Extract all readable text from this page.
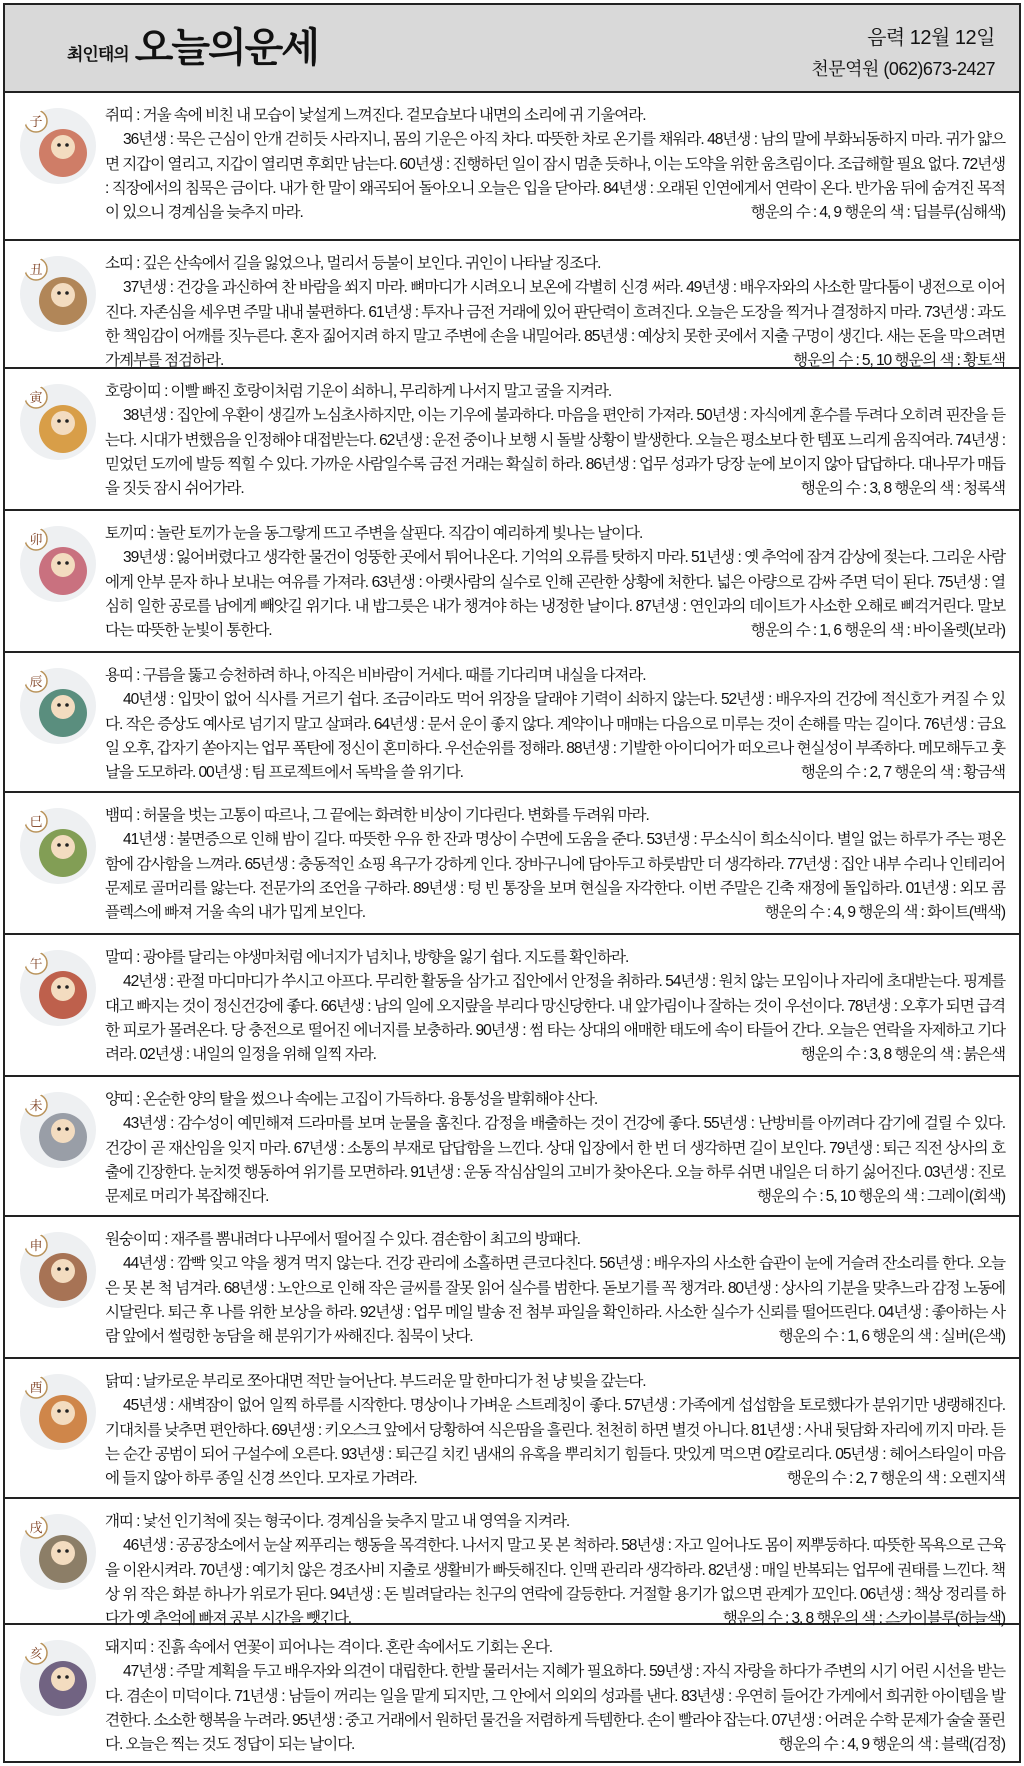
최인태의 오늘의운세	음력 12월 12일
천문역원 (062)673-2427
子	쥐띠 : 거울 속에 비친 내 모습이 낯설게 느껴진다. 겉모습보다 내면의 소리에 귀 기울여라.
36년생 : 묵은 근심이 안개 걷히듯 사라지니, 몸의 기운은 아직 차다. 따뜻한 차로 온기를 채워라. 48년생 : 남의 말에 부화뇌동하지 마라. 귀가 얇으면 지갑이 열리고, 지갑이 열리면 후회만 남는다. 60년생 : 진행하던 일이 잠시 멈춘 듯하나, 이는 도약을 위한 움츠림이다. 조급해할 필요 없다. 72년생 : 직장에서의 침묵은 금이다. 내가 한 말이 왜곡되어 돌아오니 오늘은 입을 닫아라. 84년생 : 오래된 인연에게서 연락이 온다. 반가움 뒤에 숨겨진 목적이 있으니 경계심을 늦추지 마라.	행운의 수 : 4, 9 행운의 색 : 딥블루(심해색)
丑	소띠 : 깊은 산속에서 길을 잃었으나, 멀리서 등불이 보인다. 귀인이 나타날 징조다.
37년생 : 건강을 과신하여 찬 바람을 쐬지 마라. 뼈마디가 시려오니 보온에 각별히 신경 써라. 49년생 : 배우자와의 사소한 말다툼이 냉전으로 이어진다. 자존심을 세우면 주말 내내 불편하다. 61년생 : 투자나 금전 거래에 있어 판단력이 흐려진다. 오늘은 도장을 찍거나 결정하지 마라. 73년생 : 과도한 책임감이 어깨를 짓누른다. 혼자 짊어지려 하지 말고 주변에 손을 내밀어라. 85년생 : 예상치 못한 곳에서 지출 구멍이 생긴다. 새는 돈을 막으려면 가계부를 점검하라.	행운의 수 : 5, 10 행운의 색 : 황토색
寅	호랑이띠 : 이빨 빠진 호랑이처럼 기운이 쇠하니, 무리하게 나서지 말고 굴을 지켜라.
38년생 : 집안에 우환이 생길까 노심초사하지만, 이는 기우에 불과하다. 마음을 편안히 가져라. 50년생 : 자식에게 훈수를 두려다 오히려 핀잔을 듣는다. 시대가 변했음을 인정해야 대접받는다. 62년생 : 운전 중이나 보행 시 돌발 상황이 발생한다. 오늘은 평소보다 한 템포 느리게 움직여라. 74년생 : 믿었던 도끼에 발등 찍힐 수 있다. 가까운 사람일수록 금전 거래는 확실히 하라. 86년생 : 업무 성과가 당장 눈에 보이지 않아 답답하다. 대나무가 매듭을 짓듯 잠시 쉬어가라.	행운의 수 : 3, 8 행운의 색 : 청록색
卯	토끼띠 : 놀란 토끼가 눈을 동그랗게 뜨고 주변을 살핀다. 직감이 예리하게 빛나는 날이다.
39년생 : 잃어버렸다고 생각한 물건이 엉뚱한 곳에서 튀어나온다. 기억의 오류를 탓하지 마라. 51년생 : 옛 추억에 잠겨 감상에 젖는다. 그리운 사람에게 안부 문자 하나 보내는 여유를 가져라. 63년생 : 아랫사람의 실수로 인해 곤란한 상황에 처한다. 넓은 아량으로 감싸 주면 덕이 된다. 75년생 : 열심히 일한 공로를 남에게 빼앗길 위기다. 내 밥그릇은 내가 챙겨야 하는 냉정한 날이다. 87년생 : 연인과의 데이트가 사소한 오해로 삐걱거린다. 말보다는 따뜻한 눈빛이 통한다.	행운의 수 : 1, 6 행운의 색 : 바이올렛(보라)
辰	용띠 : 구름을 뚫고 승천하려 하나, 아직은 비바람이 거세다. 때를 기다리며 내실을 다져라.
40년생 : 입맛이 없어 식사를 거르기 쉽다. 조금이라도 먹어 위장을 달래야 기력이 쇠하지 않는다. 52년생 : 배우자의 건강에 적신호가 켜질 수 있다. 작은 증상도 예사로 넘기지 말고 살펴라. 64년생 : 문서 운이 좋지 않다. 계약이나 매매는 다음으로 미루는 것이 손해를 막는 길이다. 76년생 : 금요일 오후, 갑자기 쏟아지는 업무 폭탄에 정신이 혼미하다. 우선순위를 정해라. 88년생 : 기발한 아이디어가 떠오르나 현실성이 부족하다. 메모해두고 훗날을 도모하라. 00년생 : 팀 프로젝트에서 독박을 쓸 위기다.	행운의 수 : 2, 7 행운의 색 : 황금색
巳	뱀띠 : 허물을 벗는 고통이 따르나, 그 끝에는 화려한 비상이 기다린다. 변화를 두려워 마라.
41년생 : 불면증으로 인해 밤이 길다. 따뜻한 우유 한 잔과 명상이 수면에 도움을 준다. 53년생 : 무소식이 희소식이다. 별일 없는 하루가 주는 평온함에 감사함을 느껴라. 65년생 : 충동적인 쇼핑 욕구가 강하게 인다. 장바구니에 담아두고 하룻밤만 더 생각하라. 77년생 : 집안 내부 수리나 인테리어 문제로 골머리를 앓는다. 전문가의 조언을 구하라. 89년생 : 텅 빈 통장을 보며 현실을 자각한다. 이번 주말은 긴축 재정에 돌입하라. 01년생 : 외모 콤플렉스에 빠져 거울 속의 내가 밉게 보인다.	행운의 수 : 4, 9 행운의 색 : 화이트(백색)
午	말띠 : 광야를 달리는 야생마처럼 에너지가 넘치나, 방향을 잃기 쉽다. 지도를 확인하라.
42년생 : 관절 마디마디가 쑤시고 아프다. 무리한 활동을 삼가고 집안에서 안정을 취하라. 54년생 : 원치 않는 모임이나 자리에 초대받는다. 핑계를 대고 빠지는 것이 정신건강에 좋다. 66년생 : 남의 일에 오지랖을 부리다 망신당한다. 내 앞가림이나 잘하는 것이 우선이다. 78년생 : 오후가 되면 급격한 피로가 몰려온다. 당 충전으로 떨어진 에너지를 보충하라. 90년생 : 썸 타는 상대의 애매한 태도에 속이 타들어 간다. 오늘은 연락을 자제하고 기다려라. 02년생 : 내일의 일정을 위해 일찍 자라.	행운의 수 : 3, 8 행운의 색 : 붉은색
未	양띠 : 온순한 양의 탈을 썼으나 속에는 고집이 가득하다. 융통성을 발휘해야 산다.
43년생 : 감수성이 예민해져 드라마를 보며 눈물을 훔친다. 감정을 배출하는 것이 건강에 좋다. 55년생 : 난방비를 아끼려다 감기에 걸릴 수 있다. 건강이 곧 재산임을 잊지 마라. 67년생 : 소통의 부재로 답답함을 느낀다. 상대 입장에서 한 번 더 생각하면 길이 보인다. 79년생 : 퇴근 직전 상사의 호출에 긴장한다. 눈치껏 행동하여 위기를 모면하라. 91년생 : 운동 작심삼일의 고비가 찾아온다. 오늘 하루 쉬면 내일은 더 하기 싫어진다. 03년생 : 진로 문제로 머리가 복잡해진다.	행운의 수 : 5, 10 행운의 색 : 그레이(회색)
申	원숭이띠 : 재주를 뽐내려다 나무에서 떨어질 수 있다. 겸손함이 최고의 방패다.
44년생 : 깜빡 잊고 약을 챙겨 먹지 않는다. 건강 관리에 소홀하면 큰코다친다. 56년생 : 배우자의 사소한 습관이 눈에 거슬려 잔소리를 한다. 오늘은 못 본 척 넘겨라. 68년생 : 노안으로 인해 작은 글씨를 잘못 읽어 실수를 범한다. 돋보기를 꼭 챙겨라. 80년생 : 상사의 기분을 맞추느라 감정 노동에 시달린다. 퇴근 후 나를 위한 보상을 하라. 92년생 : 업무 메일 발송 전 첨부 파일을 확인하라. 사소한 실수가 신뢰를 떨어뜨린다. 04년생 : 좋아하는 사람 앞에서 썰렁한 농담을 해 분위기가 싸해진다. 침묵이 낫다.	행운의 수 : 1, 6 행운의 색 : 실버(은색)
酉	닭띠 : 날카로운 부리로 쪼아대면 적만 늘어난다. 부드러운 말 한마디가 천 냥 빚을 갚는다.
45년생 : 새벽잠이 없어 일찍 하루를 시작한다. 명상이나 가벼운 스트레칭이 좋다. 57년생 : 가족에게 섭섭함을 토로했다가 분위기만 냉랭해진다. 기대치를 낮추면 편안하다. 69년생 : 키오스크 앞에서 당황하여 식은땀을 흘린다. 천천히 하면 별것 아니다. 81년생 : 사내 뒷담화 자리에 끼지 마라. 듣는 순간 공범이 되어 구설수에 오른다. 93년생 : 퇴근길 치킨 냄새의 유혹을 뿌리치기 힘들다. 맛있게 먹으면 0칼로리다. 05년생 : 헤어스타일이 마음에 들지 않아 하루 종일 신경 쓰인다. 모자로 가려라.	행운의 수 : 2, 7 행운의 색 : 오렌지색
戌	개띠 : 낯선 인기척에 짖는 형국이다. 경계심을 늦추지 말고 내 영역을 지켜라.
46년생 : 공공장소에서 눈살 찌푸리는 행동을 목격한다. 나서지 말고 못 본 척하라. 58년생 : 자고 일어나도 몸이 찌뿌둥하다. 따뜻한 목욕으로 근육을 이완시켜라. 70년생 : 예기치 않은 경조사비 지출로 생활비가 빠듯해진다. 인맥 관리라 생각하라. 82년생 : 매일 반복되는 업무에 권태를 느낀다. 책상 위 작은 화분 하나가 위로가 된다. 94년생 : 돈 빌려달라는 친구의 연락에 갈등한다. 거절할 용기가 없으면 관계가 꼬인다. 06년생 : 책상 정리를 하다가 옛 추억에 빠져 공부 시간을 뺏긴다.	행운의 수 : 3, 8 행운의 색 : 스카이블루(하늘색)
亥	돼지띠 : 진흙 속에서 연꽃이 피어나는 격이다. 혼란 속에서도 기회는 온다.
47년생 : 주말 계획을 두고 배우자와 의견이 대립한다. 한발 물러서는 지혜가 필요하다. 59년생 : 자식 자랑을 하다가 주변의 시기 어린 시선을 받는다. 겸손이 미덕이다. 71년생 : 남들이 꺼리는 일을 맡게 되지만, 그 안에서 의외의 성과를 낸다. 83년생 : 우연히 들어간 가게에서 희귀한 아이템을 발견한다. 소소한 행복을 누려라. 95년생 : 중고 거래에서 원하던 물건을 저렴하게 득템한다. 손이 빨라야 잡는다. 07년생 : 어려운 수학 문제가 술술 풀린다. 오늘은 찍는 것도 정답이 되는 날이다.	행운의 수 : 4, 9 행운의 색 : 블랙(검정)
